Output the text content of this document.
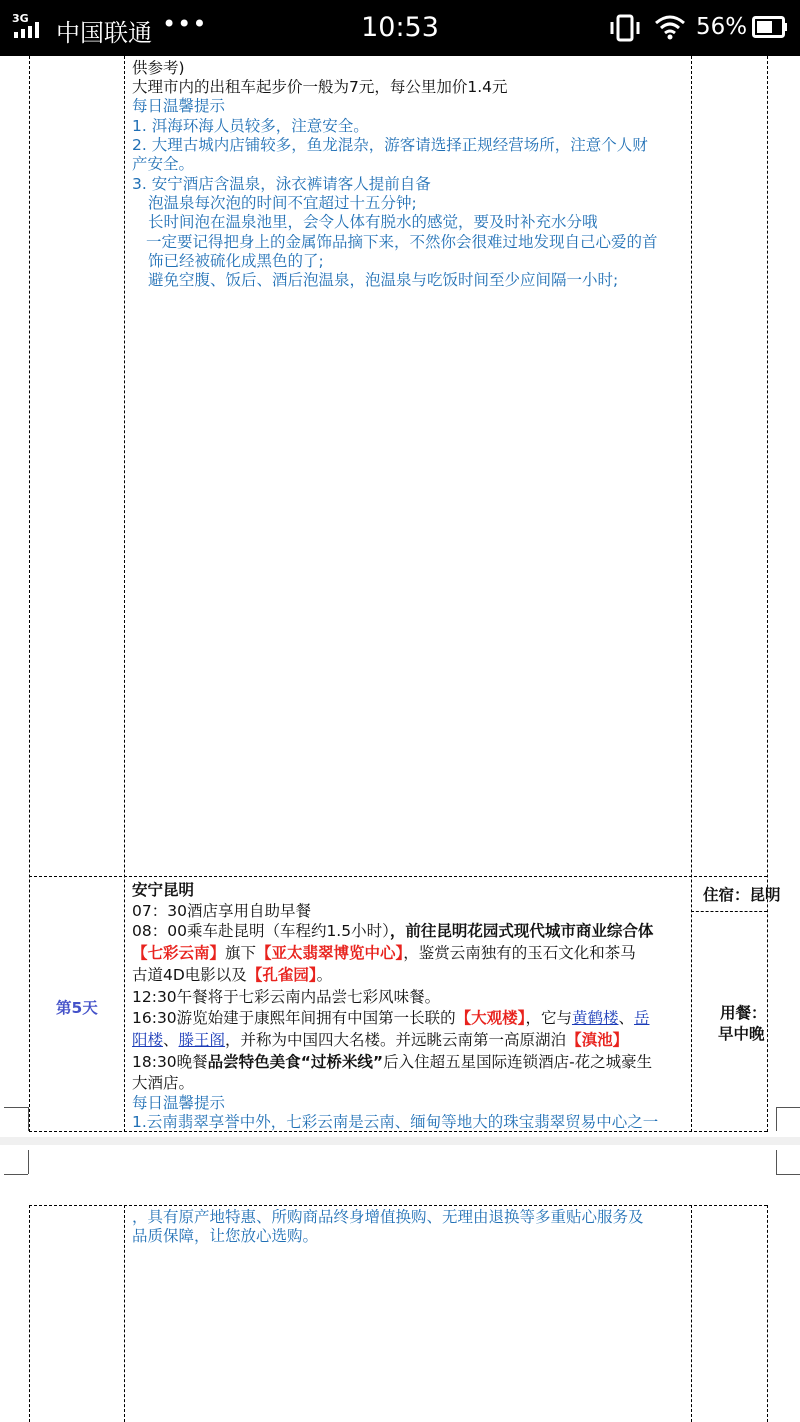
3G
中国联通 •••	10:53	56%
供参考)
大理市内的出租车起步价一般为7元，每公里加价1.4元
每日温馨提示
1. 洱海环海人员较多，注意安全。
2. 大理古城内店铺较多，鱼龙混杂，游客请选择正规经营场所，注意个人财
产安全。
3. 安宁酒店含温泉，泳衣裤请客人提前自备
泡温泉每次泡的时间不宜超过十五分钟;
长时间泡在温泉池里，会令人体有脱水的感觉，要及时补充水分哦
一定要记得把身上的金属饰品摘下来，不然你会很难过地发现自己心爱的首
饰已经被硫化成黑色的了;
避免空腹、饭后、酒后泡温泉，泡温泉与吃饭时间至少应间隔一小时;
第5天
安宁昆明
07：30酒店享用自助早餐
08：00乘车赴昆明（车程约1.5小时），前往昆明花园式现代城市商业综合体
【七彩云南】旗下【亚太翡翠博览中心】，鉴赏云南独有的玉石文化和茶马
古道4D电影以及【孔雀园】。
12:30午餐将于七彩云南内品尝七彩风味餐。
16:30游览始建于康熙年间拥有中国第一长联的【大观楼】，它与黄鹤楼、岳
阳楼、滕王阁，并称为中国四大名楼。并远眺云南第一高原湖泊【滇池】
18:30晚餐品尝特色美食“过桥米线”后入住超五星国际连锁酒店-花之城豪生
大酒店。
每日温馨提示
1.云南翡翠享誉中外，七彩云南是云南、缅甸等地大的珠宝翡翠贸易中心之一
住宿：昆明
用餐：
早中晚
，具有原产地特惠、所购商品终身增值换购、无理由退换等多重贴心服务及
品质保障，让您放心选购。
